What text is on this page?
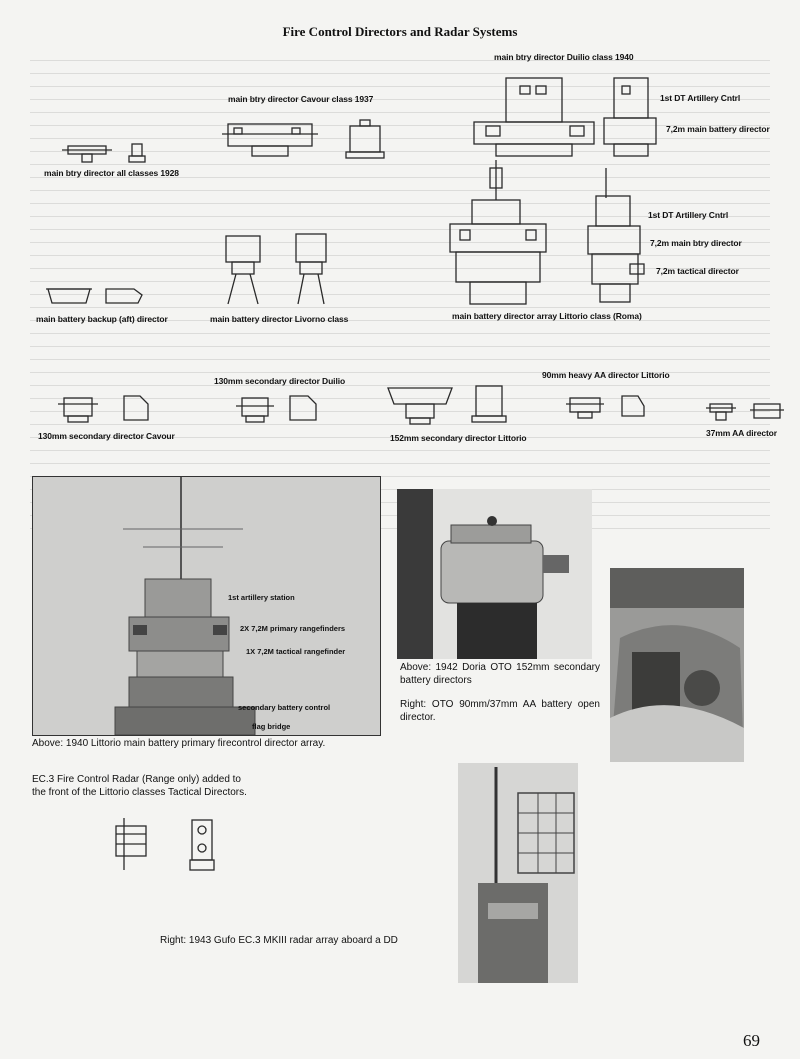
Fire Control Directors and Radar Systems
main btry director all classes 1928
main btry director Cavour class 1937
main btry director Duilio class 1940
1st DT Artillery Cntrl
7,2m main battery director
1st DT Artillery Cntrl
7,2m main btry director
7,2m tactical director
main battery backup (aft) director	main battery director Livorno class	main battery director array Littorio class (Roma)
130mm secondary director Duilio
90mm heavy AA director Littorio
130mm secondary director Cavour	152mm secondary director Littorio	37mm AA director
1st artillery station
2X 7,2M primary rangefinders
1X 7,2M tactical rangefinder
secondary battery control
flag bridge
Above: 1940 Littorio main battery primary firecontrol director array.
Above: 1942 Doria OTO 152mm secondary battery directors
Right: OTO 90mm/37mm AA battery open director.
EC.3 Fire Control Radar (Range only) added to the front of the Littorio classes Tactical Directors.
Right: 1943 Gufo EC.3 MKIII radar array aboard a DD
69
